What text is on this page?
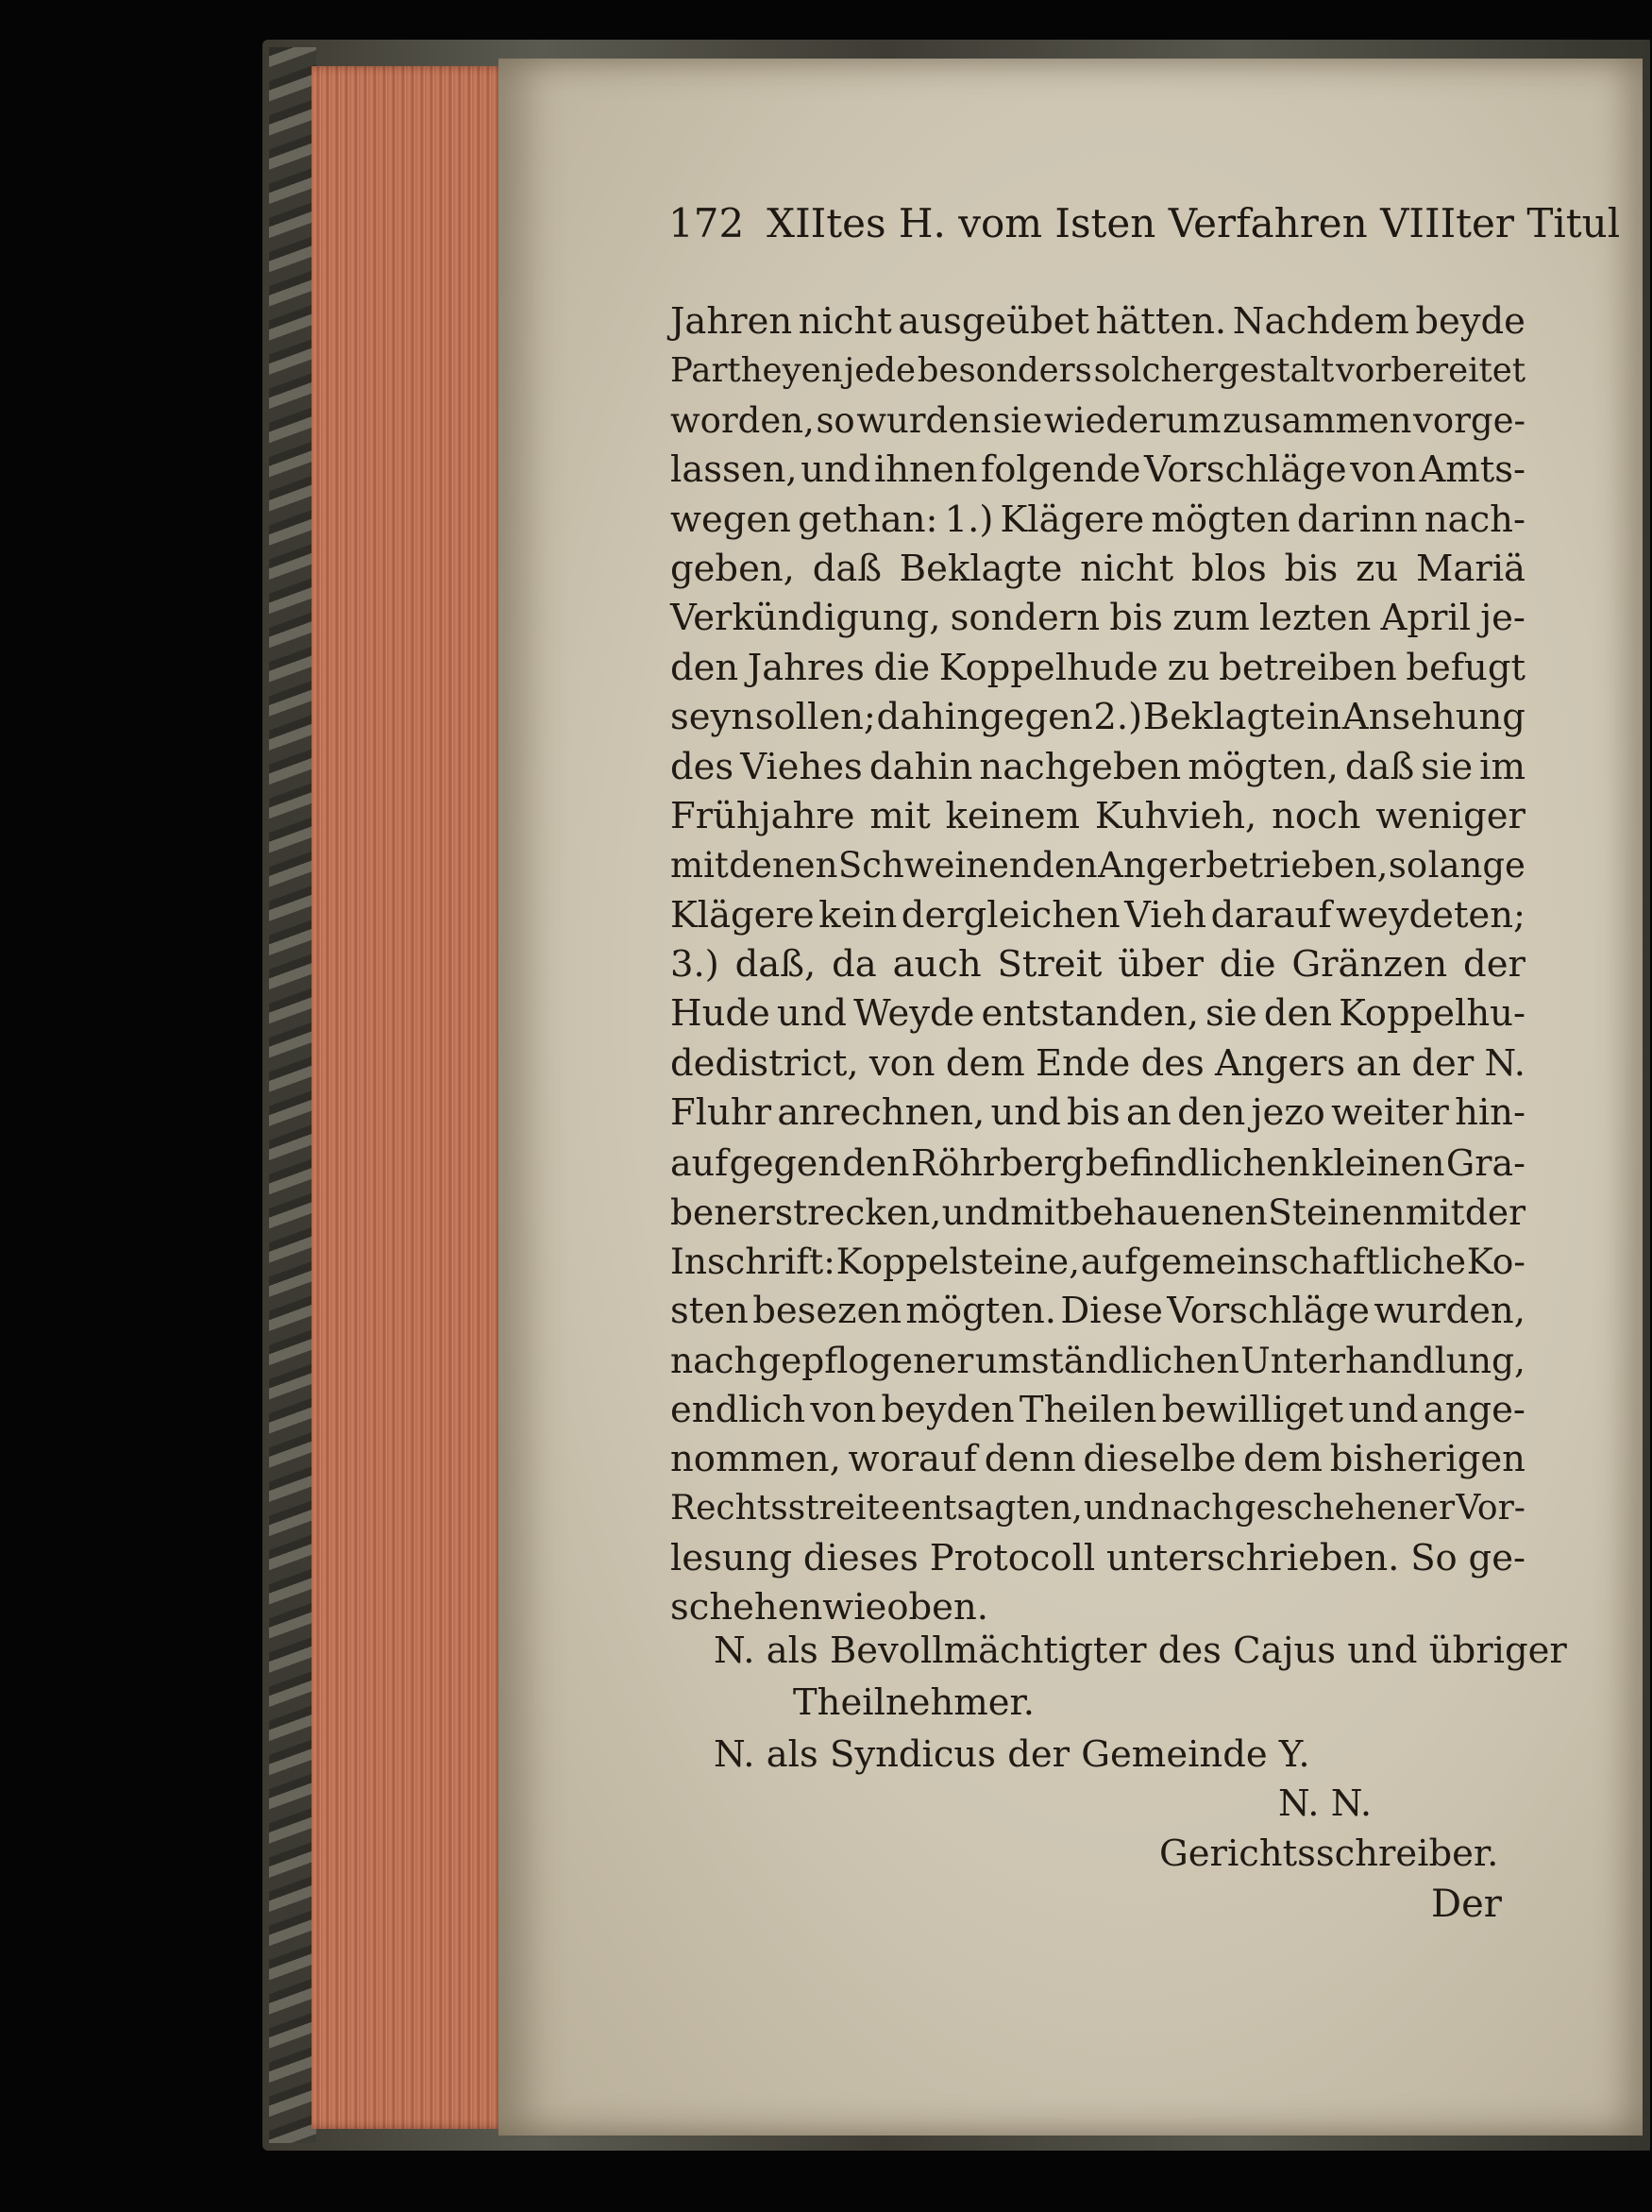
172 XIItes H. vom Isten Verfahren VIIIter Titul
Jahren nicht ausgeübet hätten. Nachdem beyde
Partheyen jede besonders solchergestalt vorbereitet
worden, so wurden sie wiederum zusammen vorge-
lassen, und ihnen folgende Vorschläge von Amts-
wegen gethan: 1.) Klägere mögten darinn nach-
geben, daß Beklagte nicht blos bis zu Mariä
Verkündigung, sondern bis zum lezten April je-
den Jahres die Koppelhude zu betreiben befugt
seyn sollen; dahingegen 2.) Beklagte in Ansehung
des Viehes dahin nachgeben mögten, daß sie im
Frühjahre mit keinem Kuhvieh, noch weniger
mit denen Schweinen den Anger betrieben, so lange
Klägere kein dergleichen Vieh darauf weydeten;
3.) daß, da auch Streit über die Gränzen der
Hude und Weyde entstanden, sie den Koppelhu-
dedistrict, von dem Ende des Angers an der N.
Fluhr anrechnen, und bis an den jezo weiter hin-
auf gegen den Röhrberg befindlichen kleinen Gra-
ben erstrecken, und mit behauenen Steinen mit der
Inschrift: Koppelsteine, auf gemeinschaftliche Ko-
sten besezen mögten. Diese Vorschläge wurden,
nach gepflogener umständlichen Unterhandlung,
endlich von beyden Theilen bewilliget und ange-
nommen, worauf denn dieselbe dem bisherigen
Rechtsstreite entsagten, und nach geschehener Vor-
lesung dieses Protocoll unterschrieben. So ge-
schehen wie oben.
N. als Bevollmächtigter des Cajus und übriger
Theilnehmer.
N. als Syndicus der Gemeinde Y.
N. N.
Gerichtsschreiber.
Der
